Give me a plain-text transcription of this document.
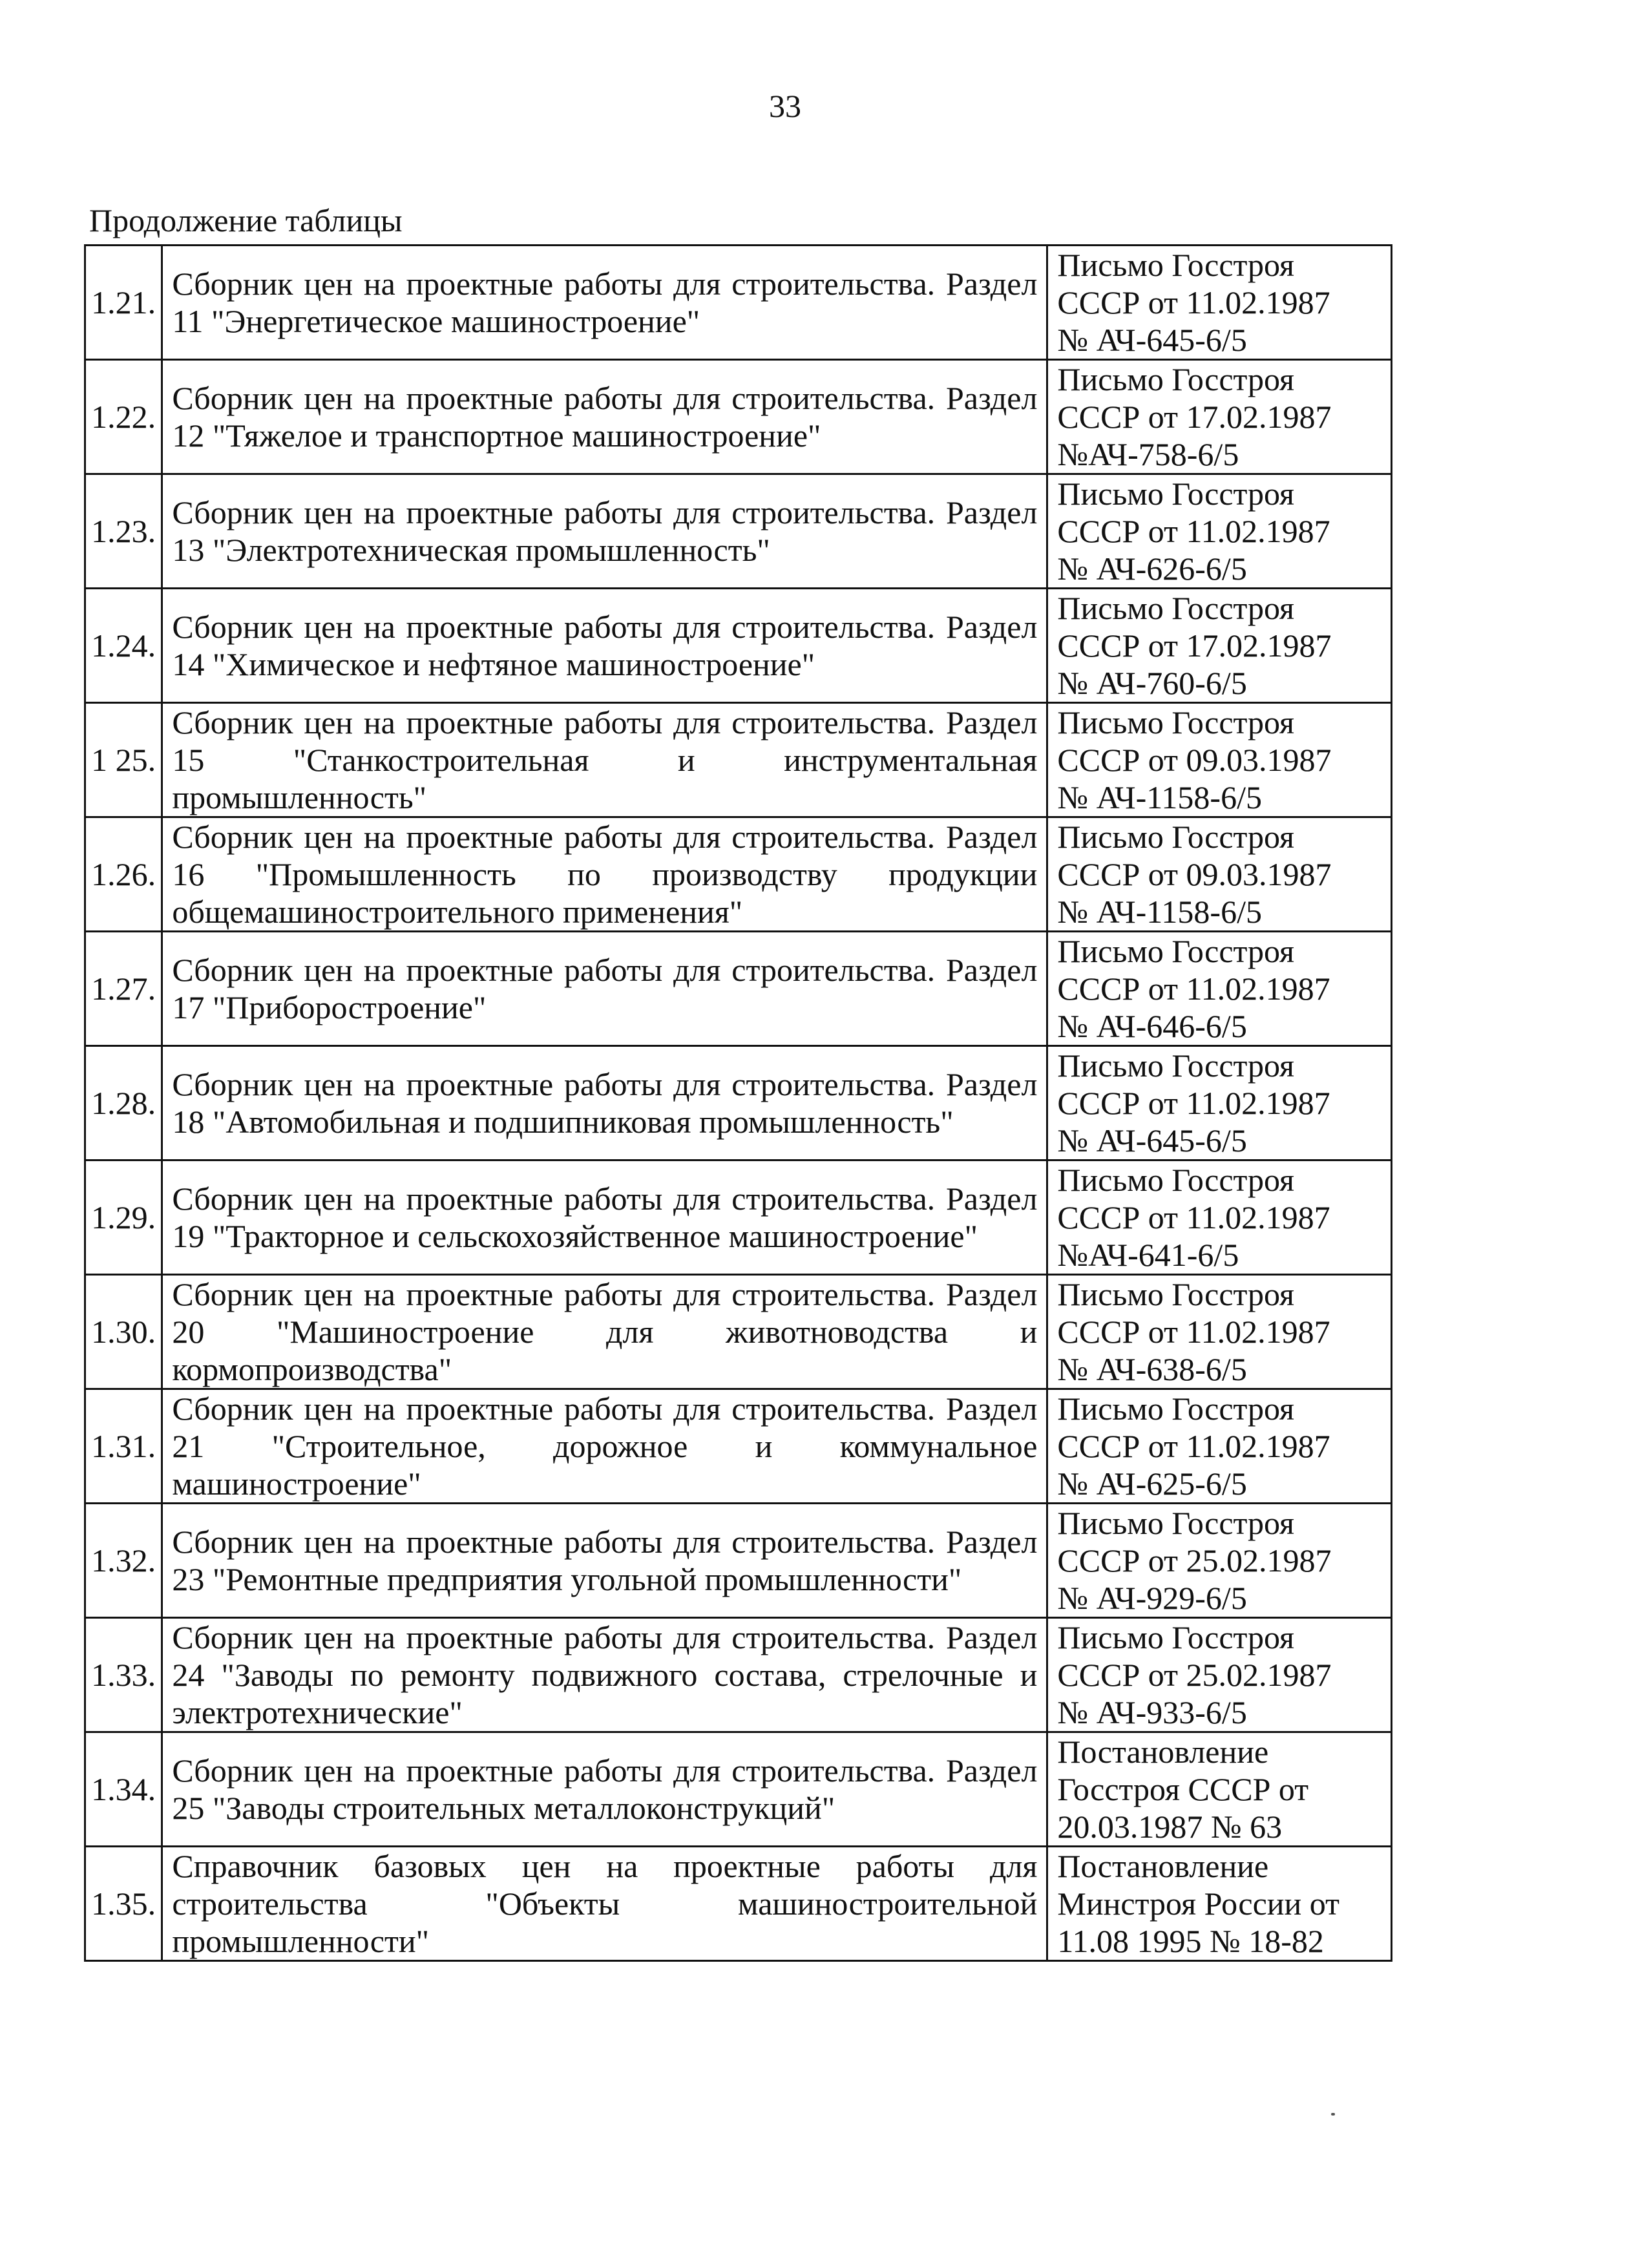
33
Продолжение таблицы
1.21.	Сборник цен на проектные работы для строительства. Раздел 11 "Энергетическое машиностроение"	Письмо Госстроя
СССР от 11.02.1987
№ АЧ-645-6/5

1.22.	Сборник цен на проектные работы для строительства. Раздел 12 "Тяжелое и транспортное машиностроение"	Письмо Госстроя
СССР от 17.02.1987
№АЧ-758-6/5

1.23.	Сборник цен на проектные работы для строительства. Раздел 13 "Электротехническая промышленность"	Письмо Госстроя
СССР от 11.02.1987
№ АЧ-626-6/5

1.24.	Сборник цен на проектные работы для строительства. Раздел 14 "Химическое и нефтяное машиностроение"	Письмо Госстроя
СССР от 17.02.1987
№ АЧ-760-6/5

1 25.	Сборник цен на проектные работы для строительства. Раздел 15 "Станкостроительная и инструментальная промышленность"	Письмо Госстроя
СССР от 09.03.1987
№ АЧ-1158-6/5

1.26.	Сборник цен на проектные работы для строительства. Раздел 16 "Промышленность по производству продукции общемашиностроительного применения"	Письмо Госстроя
СССР от 09.03.1987
№ АЧ-1158-6/5

1.27.	Сборник цен на проектные работы для строительства. Раздел 17 "Приборостроение"	Письмо Госстроя
СССР от 11.02.1987
№ АЧ-646-6/5

1.28.	Сборник цен на проектные работы для строительства. Раздел 18 "Автомобильная и подшипниковая промышленность"	Письмо Госстроя
СССР от 11.02.1987
№ АЧ-645-6/5

1.29.	Сборник цен на проектные работы для строительства. Раздел 19 "Тракторное и сельскохозяйственное машиностроение"	Письмо Госстроя
СССР от 11.02.1987
№АЧ-641-6/5

1.30.	Сборник цен на проектные работы для строительства. Раздел 20 "Машиностроение для животноводства и кормопроизводства"	Письмо Госстроя
СССР от 11.02.1987
№ АЧ-638-6/5

1.31.	Сборник цен на проектные работы для строительства. Раздел 21 "Строительное, дорожное и коммунальное машиностроение"	Письмо Госстроя
СССР от 11.02.1987
№ АЧ-625-6/5

1.32.	Сборник цен на проектные работы для строительства. Раздел 23 "Ремонтные предприятия угольной промышленности"	Письмо Госстроя
СССР от 25.02.1987
№ АЧ-929-6/5

1.33.	Сборник цен на проектные работы для строительства. Раздел 24 "Заводы по ремонту подвижного состава, стрелочные и электротехнические"	Письмо Госстроя
СССР от 25.02.1987
№ АЧ-933-6/5

1.34.	Сборник цен на проектные работы для строительства. Раздел 25 "Заводы строительных металлоконструкций"	Постановление
Госстроя СССР от
20.03.1987 № 63

1.35.	Справочник базовых цен на проектные работы для строительства "Объекты машиностроительной промышленности"	Постановление
Минстроя России от
11.08 1995 № 18-82
